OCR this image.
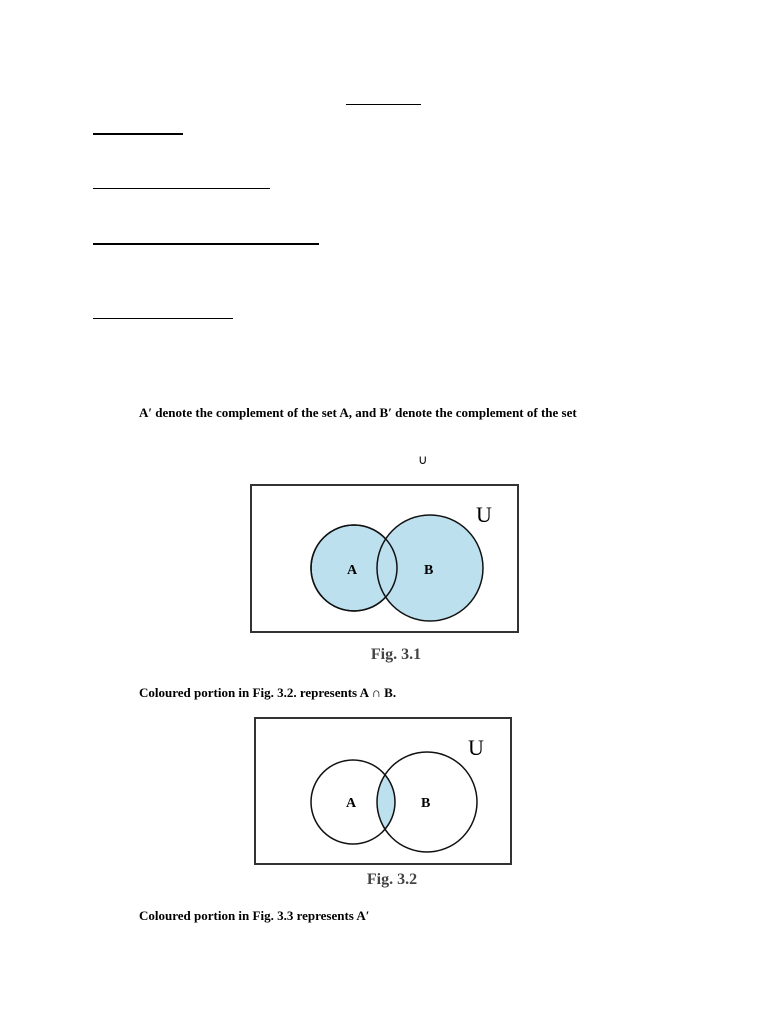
A′ denote the complement of the set A, and B′ denote the complement of the set
∪
U
A	B
Fig. 3.1
Coloured portion in Fig. 3.2. represents A ∩ B.
U
A	B
Fig. 3.2
Coloured portion in Fig. 3.3 represents A′
